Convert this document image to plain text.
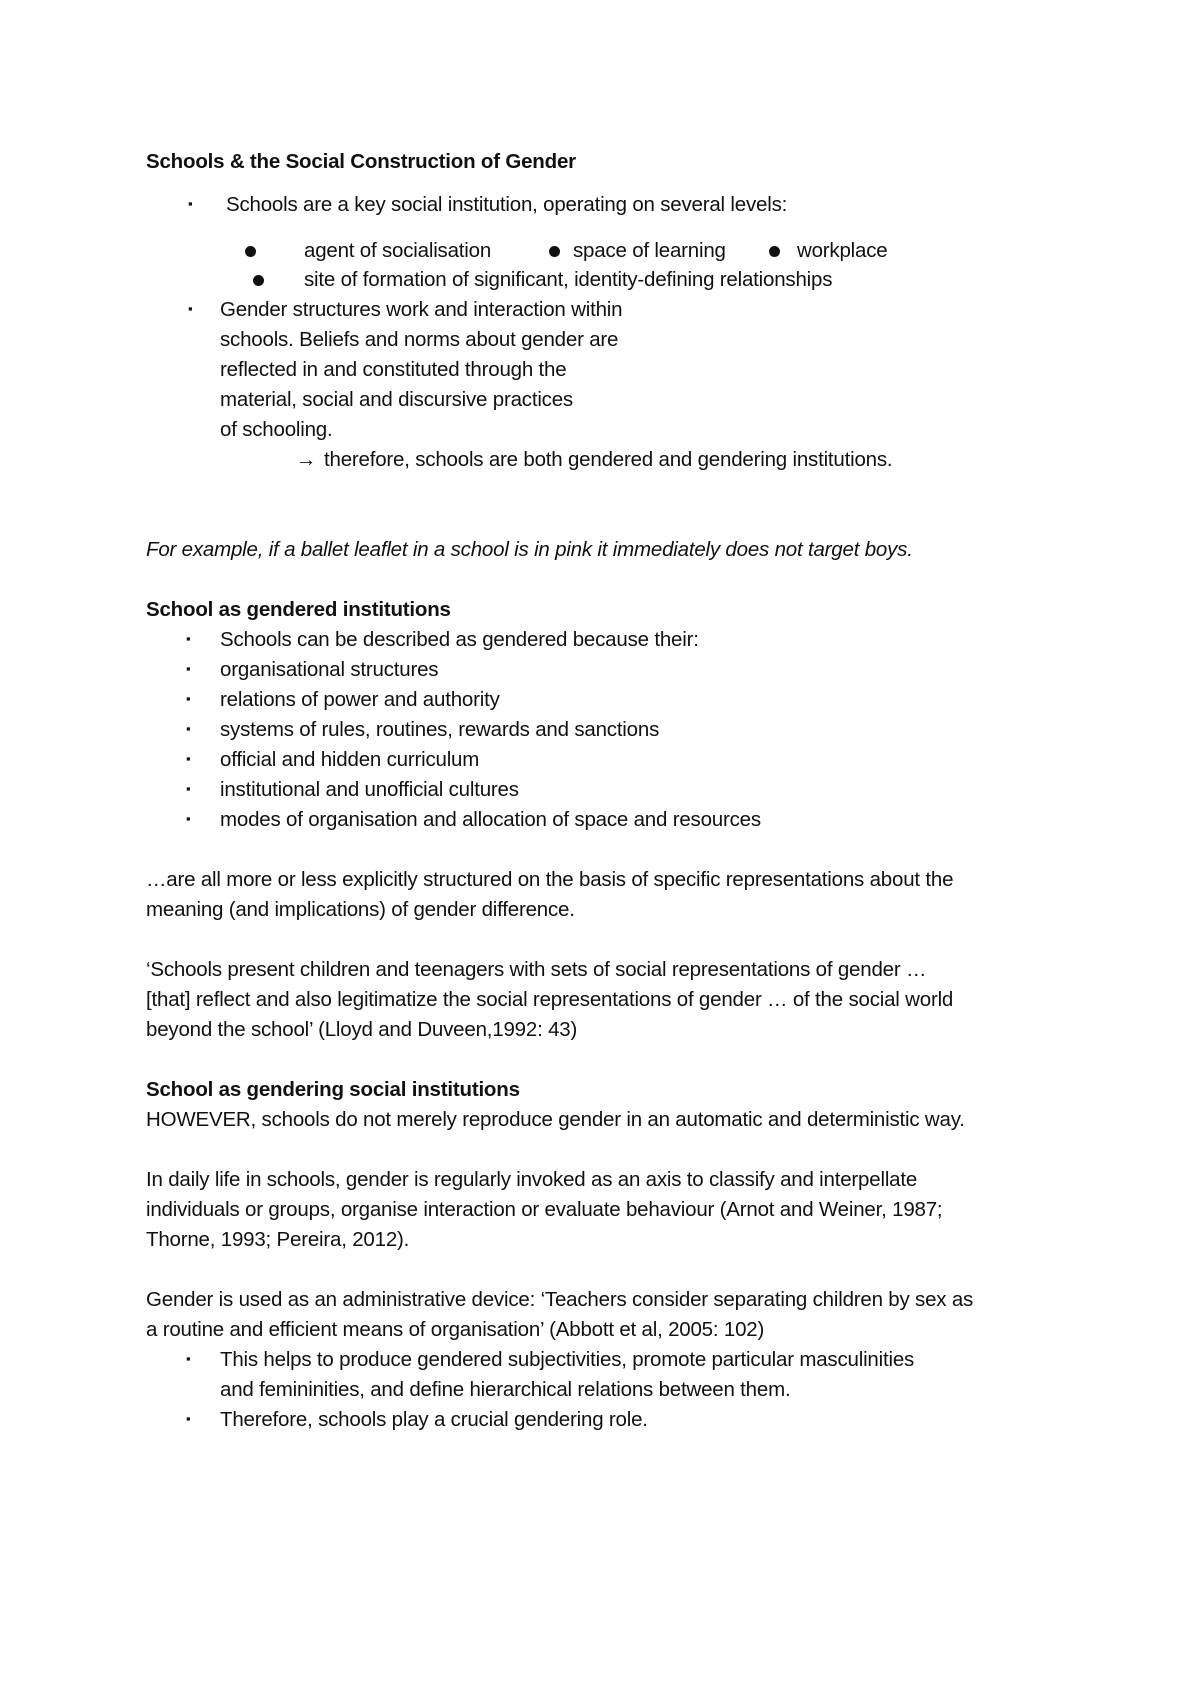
Schools & the Social Construction of Gender
▪ Schools are a key social institution, operating on several levels:
agent of socialisation	space of learning	workplace
site of formation of significant, identity-defining relationships
▪ Gender structures work and interaction within
schools. Beliefs and norms about gender are
reflected in and constituted through the
material, social and discursive practices
of schooling.
→ therefore, schools are both gendered and gendering institutions.
For example, if a ballet leaflet in a school is in pink it immediately does not target boys.
School as gendered institutions
▪ Schools can be described as gendered because their:
▪ organisational structures
▪ relations of power and authority
▪ systems of rules, routines, rewards and sanctions
▪ official and hidden curriculum
▪ institutional and unofficial cultures
▪ modes of organisation and allocation of space and resources
…are all more or less explicitly structured on the basis of specific representations about the
meaning (and implications) of gender difference.
‘Schools present children and teenagers with sets of social representations of gender …
[that] reflect and also legitimatize the social representations of gender … of the social world
beyond the school’ (Lloyd and Duveen,1992: 43)
School as gendering social institutions
HOWEVER, schools do not merely reproduce gender in an automatic and deterministic way.
In daily life in schools, gender is regularly invoked as an axis to classify and interpellate
individuals or groups, organise interaction or evaluate behaviour (Arnot and Weiner, 1987;
Thorne, 1993; Pereira, 2012).
Gender is used as an administrative device: ‘Teachers consider separating children by sex as
a routine and efficient means of organisation’ (Abbott et al, 2005: 102)
▪ This helps to produce gendered subjectivities, promote particular masculinities
and femininities, and define hierarchical relations between them.
▪ Therefore, schools play a crucial gendering role.
